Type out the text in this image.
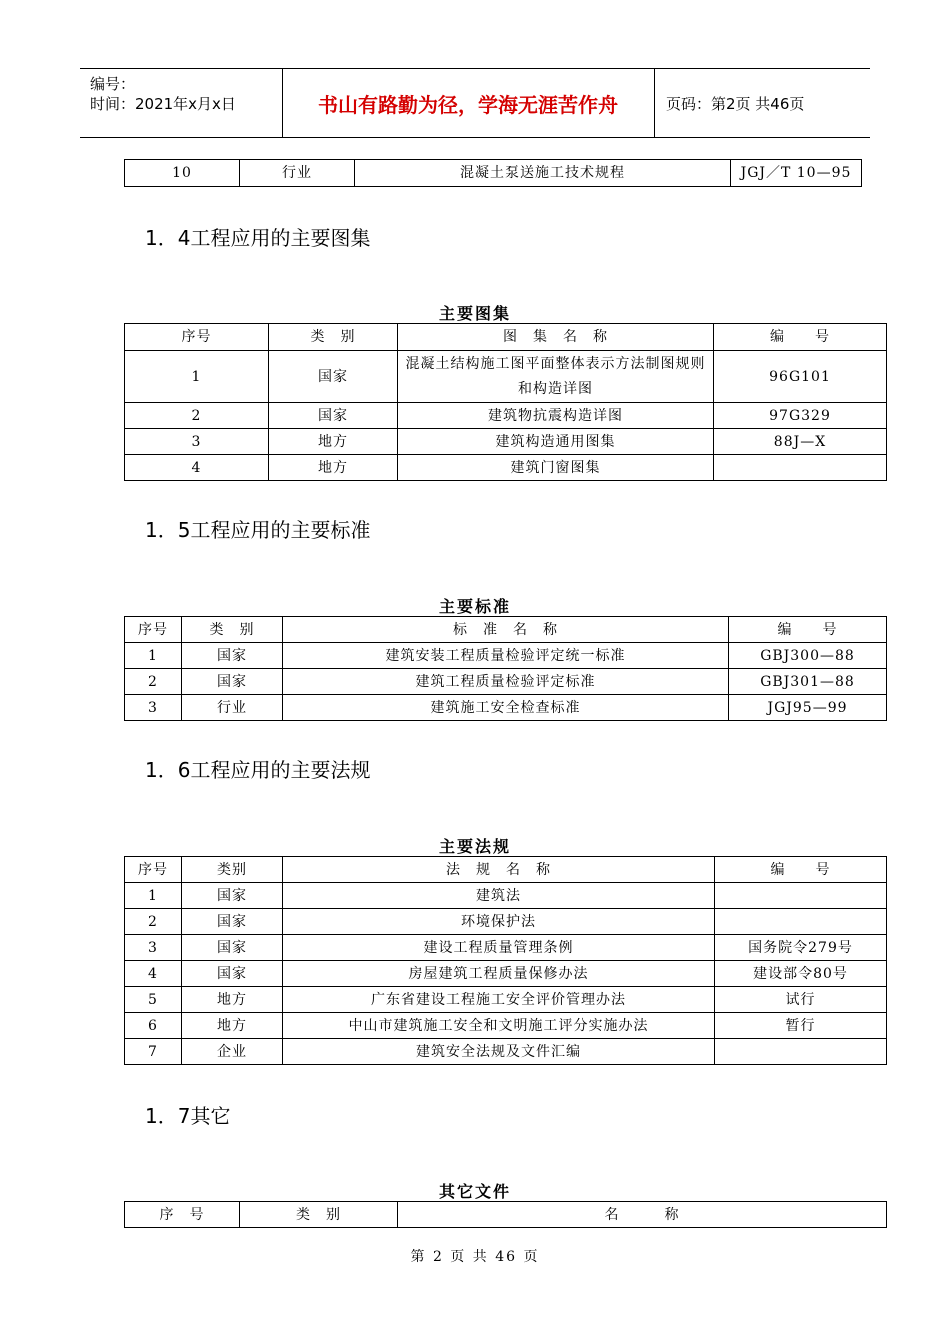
编号：
时间：2021年x月x日	书山有路勤为径，学海无涯苦作舟	页码：第2页 共46页
10	行业	混凝土泵送施工技术规程	JGJ／T 10—95
1．4工程应用的主要图集
主要图集
序号	类　别	图　集　名　称	编　　号
1	国家	混凝土结构施工图平面整体表示方法制图规则和构造详图	96G101
2	国家	建筑物抗震构造详图	97G329
3	地方	建筑构造通用图集	88J—X
4	地方	建筑门窗图集	
1．5工程应用的主要标准
主要标准
序号	类　别	标　准　名　称	编　　号
1	国家	建筑安装工程质量检验评定统一标准	GBJ300—88
2	国家	建筑工程质量检验评定标准	GBJ301—88
3	行业	建筑施工安全检查标准	JGJ95—99
1．6工程应用的主要法规
主要法规
序号	类别	法　规　名　称	编　　号
1	国家	建筑法	
2	国家	环境保护法	
3	国家	建设工程质量管理条例	国务院令279号
4	国家	房屋建筑工程质量保修办法	建设部令80号
5	地方	广东省建设工程施工安全评价管理办法	试行
6	地方	中山市建筑施工安全和文明施工评分实施办法	暂行
7	企业	建筑安全法规及文件汇编	
1．7其它
其它文件
序　号	类　别	名　　　称
第 2 页 共 46 页
